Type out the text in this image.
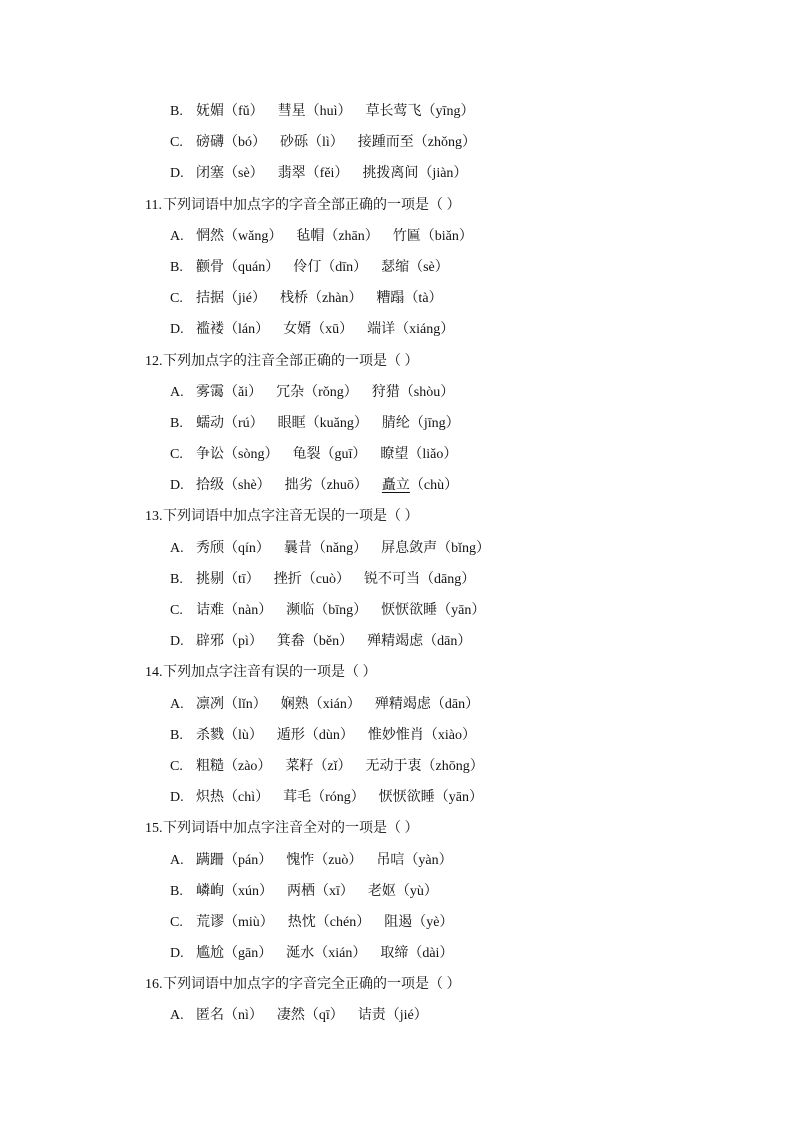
B. 妩媚（fǔ） 彗星（huì） 草长莺飞（yīng）
C. 磅礴（bó） 砂砾（lì） 接踵而至（zhǒng）
D. 闭塞（sè） 翡翠（fěi） 挑拨离间（jiàn）
11.下列词语中加点字的字音全部正确的一项是（ ）
A. 惘然（wǎng） 毡帽（zhān） 竹匾（biǎn）
B. 颧骨（quán） 伶仃（dīn） 瑟缩（sè）
C. 拮据（jié） 栈桥（zhàn） 糟蹋（tà）
D. 褴褛（lán） 女婿（xū） 端详（xiáng）
12.下列加点字的注音全部正确的一项是（ ）
A. 雾霭（ǎi） 冗杂（rǒng） 狩猎（shòu）
B. 蠕动（rú） 眼眶（kuǎng） 腈纶（jīng）
C. 争讼（sòng） 龟裂（guī） 瞭望（liǎo）
D. 拾级（shè） 拙劣（zhuō） 矗立（chù）
13.下列词语中加点字注音无误的一项是（ ）
A. 秀颀（qín） 曩昔（nǎng） 屏息敛声（bǐng）
B. 挑剔（tī） 挫折（cuò） 锐不可当（dāng）
C. 诘难（nàn） 濒临（bīng） 恹恹欲睡（yān）
D. 辟邪（pì） 箕畚（běn） 殚精竭虑（dān）
14.下列加点字注音有误的一项是（ ）
A. 凛冽（lǐn） 娴熟（xián） 殚精竭虑（dān）
B. 杀戮（lù） 遁形（dùn） 惟妙惟肖（xiào）
C. 粗糙（zào） 菜籽（zǐ） 无动于衷（zhōng）
D. 炽热（chì） 茸毛（róng） 恹恹欲睡（yān）
15.下列词语中加点字注音全对的一项是（ ）
A. 蹒跚（pán） 愧怍（zuò） 吊唁（yàn）
B. 嶙峋（xún） 两栖（xī） 老妪（yù）
C. 荒谬（miù） 热忱（chén） 阻遏（yè）
D. 尴尬（gān） 涎水（xián） 取缔（dài）
16.下列词语中加点字的字音完全正确的一项是（ ）
A. 匿名（nì） 凄然（qī） 诘责（jié）
